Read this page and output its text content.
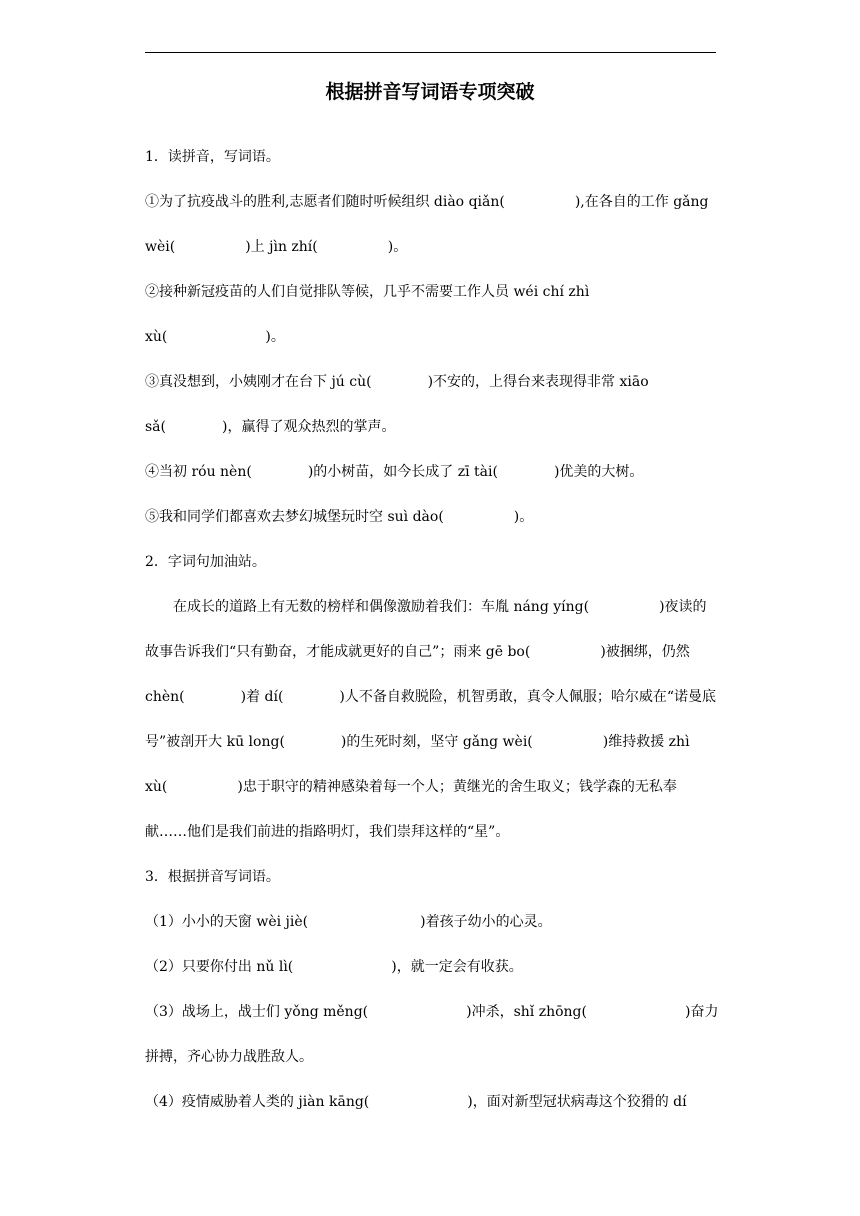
根据拼音写词语专项突破
1．读拼音，写词语。
①为了抗疫战斗的胜利,志愿者们随时听候组织 diào qiǎn(　　　　　),在各自的工作 gǎng
wèi(　　　　　)上 jìn zhí(　　　　　)。
②接种新冠疫苗的人们自觉排队等候，几乎不需要工作人员 wéi chí zhì
xù(　　　　　　　)。
③真没想到，小姨刚才在台下 jú cù(　　　　)不安的，上得台来表现得非常 xiāo
sǎ(　　　　)，赢得了观众热烈的掌声。
④当初 róu nèn(　　　　)的小树苗，如今长成了 zī tài(　　　　)优美的大树。
⑤我和同学们都喜欢去梦幻城堡玩时空 suì dào(　　　　　)。
2．字词句加油站。
　　在成长的道路上有无数的榜样和偶像激励着我们：车胤 náng yíng(　　　　　)夜读的
故事告诉我们“只有勤奋，才能成就更好的自己”；雨来 gē bo(　　　　　)被捆绑，仍然
chèn(　　　　)着 dí(　　　　)人不备自救脱险，机智勇敢，真令人佩服；哈尔威在“诺曼底
号”被剖开大 kū long(　　　　)的生死时刻，坚守 gǎng wèi(　　　　　)维持救援 zhì
xù(　　　　　)忠于职守的精神感染着每一个人；黄继光的舍生取义；钱学森的无私奉
献……他们是我们前进的指路明灯，我们崇拜这样的“星”。
3．根据拼音写词语。
（1）小小的天窗 wèi jiè(　　　　　　　　)着孩子幼小的心灵。
（2）只要你付出 nǔ lì(　　　　　　　)，就一定会有收获。
（3）战场上，战士们 yǒng měng(　　　　　　　)冲杀，shǐ zhōng(　　　　　　　)奋力
拼搏，齐心协力战胜敌人。
（4）疫情威胁着人类的 jiàn kāng(　　　　　　　)，面对新型冠状病毒这个狡猾的 dí
